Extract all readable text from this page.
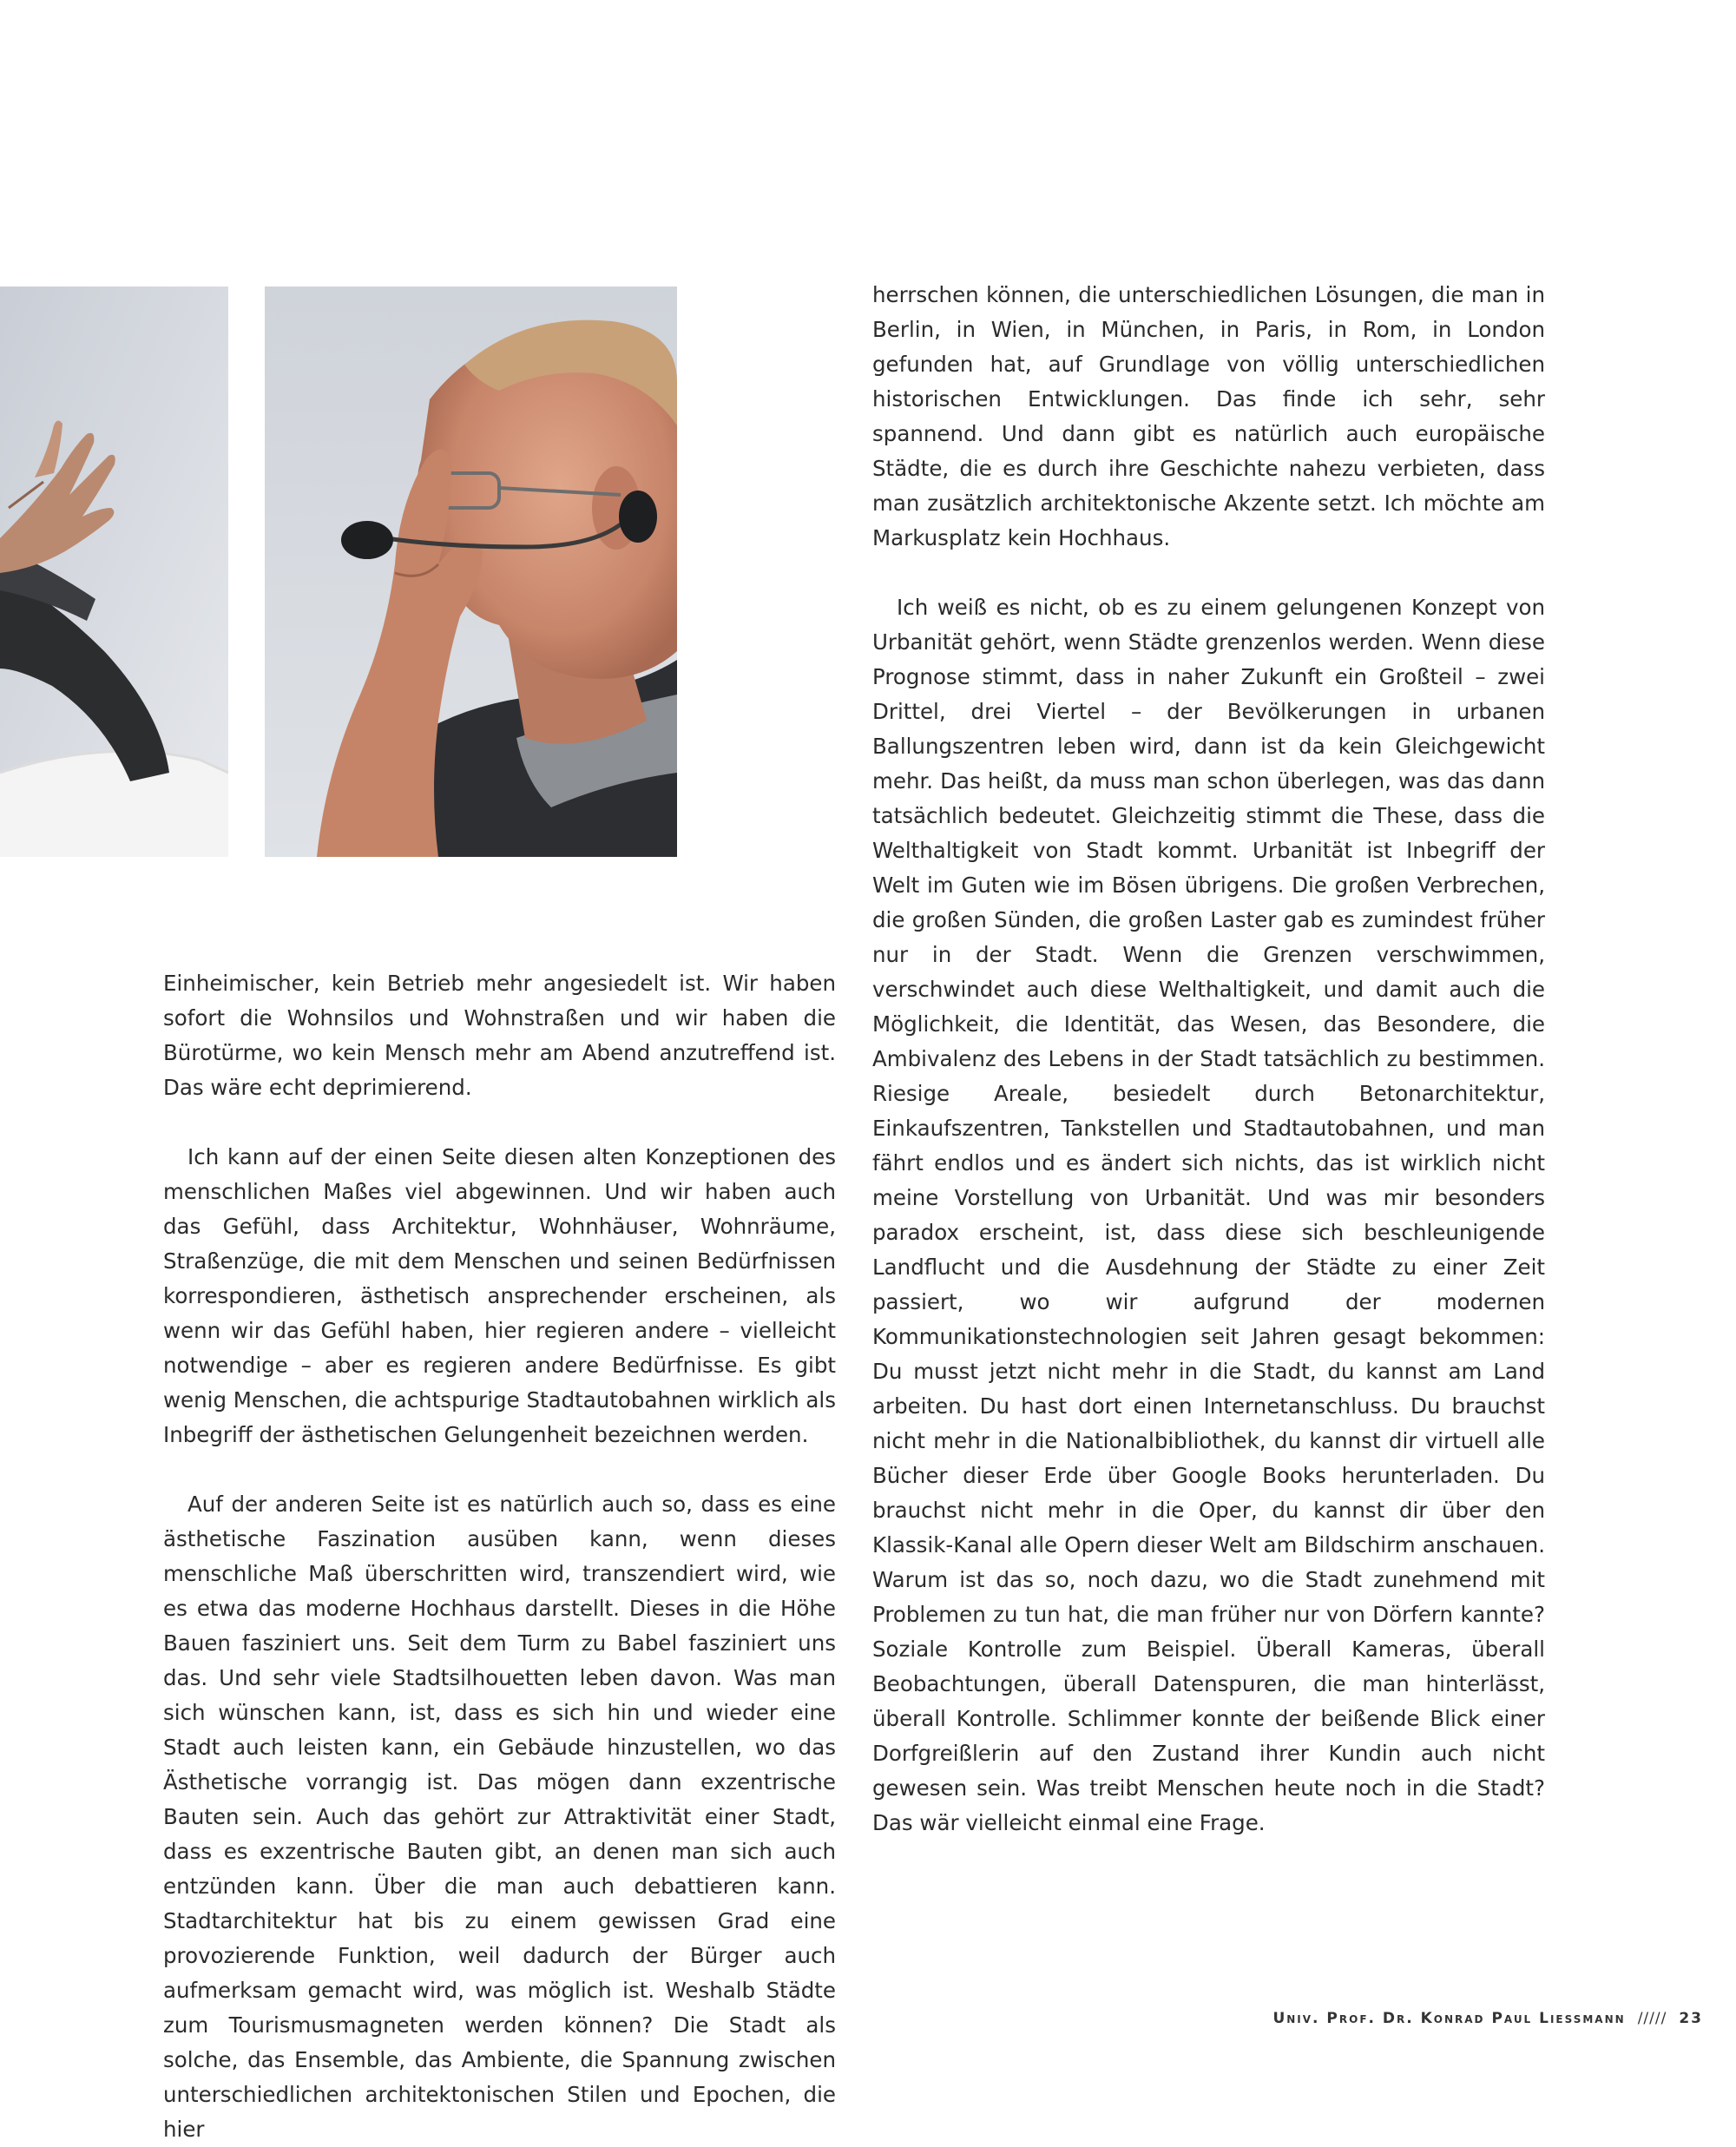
Einheimischer, kein Betrieb mehr angesiedelt ist. Wir haben sofort die Wohnsilos und Wohnstraßen und wir haben die Bürotürme, wo kein Mensch mehr am Abend anzutreffend ist. Das wäre echt deprimierend.

Ich kann auf der einen Seite diesen alten Konzeptionen des menschlichen Maßes viel abgewinnen. Und wir haben auch das Gefühl, dass Architektur, Wohnhäuser, Wohnräume, Straßenzüge, die mit dem Menschen und seinen Bedürfnissen korrespondieren, ästhetisch ansprechender erscheinen, als wenn wir das Gefühl haben, hier regieren andere – vielleicht notwendige – aber es regieren andere Bedürfnisse. Es gibt wenig Menschen, die achtspurige Stadtautobahnen wirklich als Inbegriff der ästhetischen Gelungenheit bezeichnen werden.

Auf der anderen Seite ist es natürlich auch so, dass es eine ästhetische Faszination ausüben kann, wenn dieses menschliche Maß überschritten wird, transzendiert wird, wie es etwa das moderne Hochhaus darstellt. Dieses in die Höhe Bauen fasziniert uns. Seit dem Turm zu Babel fasziniert uns das. Und sehr viele Stadtsilhouetten leben davon. Was man sich wünschen kann, ist, dass es sich hin und wieder eine Stadt auch leisten kann, ein Gebäude hinzustellen, wo das Ästhetische vorrangig ist. Das mögen dann exzentrische Bauten sein. Auch das gehört zur Attraktivität einer Stadt, dass es exzentrische Bauten gibt, an denen man sich auch entzünden kann. Über die man auch debattieren kann. Stadtarchitektur hat bis zu einem gewissen Grad eine provozierende Funktion, weil dadurch der Bürger auch aufmerksam gemacht wird, was möglich ist. Weshalb Städte zum Tourismusmagneten werden können? Die Stadt als solche, das Ensemble, das Ambiente, die Spannung zwischen unterschiedlichen architektonischen Stilen und Epochen, die hier

herrschen können, die unterschiedlichen Lösungen, die man in Berlin, in Wien, in München, in Paris, in Rom, in London gefunden hat, auf Grundlage von völlig unterschiedlichen historischen Entwicklungen. Das finde ich sehr, sehr spannend. Und dann gibt es natürlich auch europäische Städte, die es durch ihre Geschichte nahezu verbieten, dass man zusätzlich architektonische Akzente setzt. Ich möchte am Markusplatz kein Hochhaus.

Ich weiß es nicht, ob es zu einem gelungenen Konzept von Urbanität gehört, wenn Städte grenzenlos werden. Wenn diese Prognose stimmt, dass in naher Zukunft ein Großteil – zwei Drittel, drei Viertel – der Bevölkerungen in urbanen Ballungszentren leben wird, dann ist da kein Gleichgewicht mehr. Das heißt, da muss man schon überlegen, was das dann tatsächlich bedeutet. Gleichzeitig stimmt die These, dass die Welthaltigkeit von Stadt kommt. Urbanität ist Inbegriff der Welt im Guten wie im Bösen übrigens. Die großen Verbrechen, die großen Sünden, die großen Laster gab es zumindest früher nur in der Stadt. Wenn die Grenzen verschwimmen, verschwindet auch diese Welthaltigkeit, und damit auch die Möglichkeit, die Identität, das Wesen, das Besondere, die Ambivalenz des Lebens in der Stadt tatsächlich zu bestimmen. Riesige Areale, besiedelt durch Betonarchitektur, Einkaufszentren, Tankstellen und Stadtautobahnen, und man fährt endlos und es ändert sich nichts, das ist wirklich nicht meine Vorstellung von Urbanität. Und was mir besonders paradox erscheint, ist, dass diese sich beschleunigende Landflucht und die Ausdehnung der Städte zu einer Zeit passiert, wo wir aufgrund der modernen Kommunikationstechnologien seit Jahren gesagt bekommen: Du musst jetzt nicht mehr in die Stadt, du kannst am Land arbeiten. Du hast dort einen Internetanschluss. Du brauchst nicht mehr in die Nationalbibliothek, du kannst dir virtuell alle Bücher dieser Erde über Google Books herunterladen. Du brauchst nicht mehr in die Oper, du kannst dir über den Klassik-Kanal alle Opern dieser Welt am Bildschirm anschauen. Warum ist das so, noch dazu, wo die Stadt zunehmend mit Problemen zu tun hat, die man früher nur von Dörfern kannte? Soziale Kontrolle zum Beispiel. Überall Kameras, überall Beobachtungen, überall Datenspuren, die man hinterlässt, überall Kontrolle. Schlimmer konnte der beißende Blick einer Dorfgreißlerin auf den Zustand ihrer Kundin auch nicht gewesen sein. Was treibt Menschen heute noch in die Stadt? Das wär vielleicht einmal eine Frage.

Univ. Prof. Dr. Konrad Paul Liessmann ///// 23
